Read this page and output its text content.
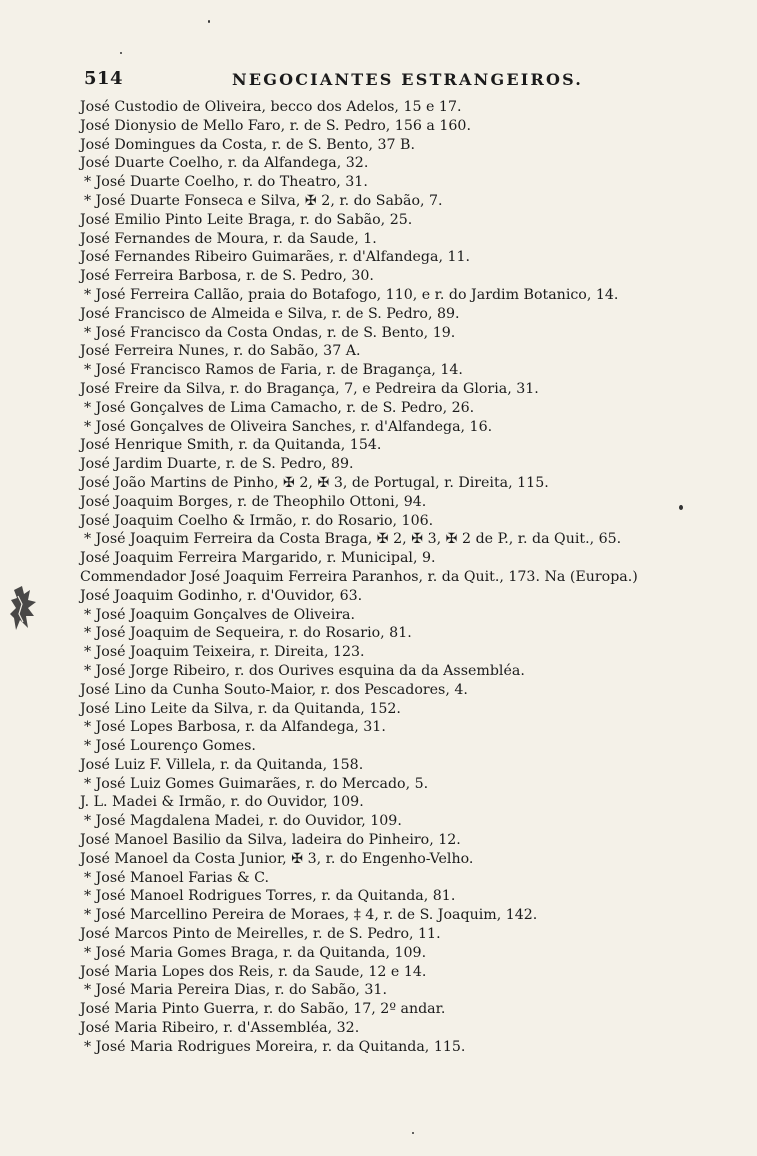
514	NEGOCIANTES ESTRANGEIROS.
José Custodio de Oliveira, becco dos Adelos, 15 e 17.
José Dionysio de Mello Faro, r. de S. Pedro, 156 a 160.
José Domingues da Costa, r. de S. Bento, 37 B.
José Duarte Coelho, r. da Alfandega, 32.
* José Duarte Coelho, r. do Theatro, 31.
* José Duarte Fonseca e Silva, ✠ 2, r. do Sabão, 7.
José Emilio Pinto Leite Braga, r. do Sabão, 25.
José Fernandes de Moura, r. da Saude, 1.
José Fernandes Ribeiro Guimarães, r. d'Alfandega, 11.
José Ferreira Barbosa, r. de S. Pedro, 30.
* José Ferreira Callão, praia do Botafogo, 110, e r. do Jardim Botanico, 14.
José Francisco de Almeida e Silva, r. de S. Pedro, 89.
* José Francisco da Costa Ondas, r. de S. Bento, 19.
José Ferreira Nunes, r. do Sabão, 37 A.
* José Francisco Ramos de Faria, r. de Bragança, 14.
José Freire da Silva, r. do Bragança, 7, e Pedreira da Gloria, 31.
* José Gonçalves de Lima Camacho, r. de S. Pedro, 26.
* José Gonçalves de Oliveira Sanches, r. d'Alfandega, 16.
José Henrique Smith, r. da Quitanda, 154.
José Jardim Duarte, r. de S. Pedro, 89.
José João Martins de Pinho, ✠ 2, ✠ 3, de Portugal, r. Direita, 115.
José Joaquim Borges, r. de Theophilo Ottoni, 94.
José Joaquim Coelho & Irmão, r. do Rosario, 106.
* José Joaquim Ferreira da Costa Braga, ✠ 2, ✠ 3, ✠ 2 de P., r. da Quit., 65.
José Joaquim Ferreira Margarido, r. Municipal, 9.
Commendador José Joaquim Ferreira Paranhos, r. da Quit., 173. Na (Europa.)
José Joaquim Godinho, r. d'Ouvidor, 63.
* José Joaquim Gonçalves de Oliveira.
* José Joaquim de Sequeira, r. do Rosario, 81.
* José Joaquim Teixeira, r. Direita, 123.
* José Jorge Ribeiro, r. dos Ourives esquina da da Assembléa.
José Lino da Cunha Souto-Maior, r. dos Pescadores, 4.
José Lino Leite da Silva, r. da Quitanda, 152.
* José Lopes Barbosa, r. da Alfandega, 31.
* José Lourenço Gomes.
José Luiz F. Villela, r. da Quitanda, 158.
* José Luiz Gomes Guimarães, r. do Mercado, 5.
J. L. Madei & Irmão, r. do Ouvidor, 109.
* José Magdalena Madei, r. do Ouvidor, 109.
José Manoel Basilio da Silva, ladeira do Pinheiro, 12.
José Manoel da Costa Junior, ✠ 3, r. do Engenho-Velho.
* José Manoel Farias & C.
* José Manoel Rodrigues Torres, r. da Quitanda, 81.
* José Marcellino Pereira de Moraes, ‡ 4, r. de S. Joaquim, 142.
José Marcos Pinto de Meirelles, r. de S. Pedro, 11.
* José Maria Gomes Braga, r. da Quitanda, 109.
José Maria Lopes dos Reis, r. da Saude, 12 e 14.
* José Maria Pereira Dias, r. do Sabão, 31.
José Maria Pinto Guerra, r. do Sabão, 17, 2º andar.
José Maria Ribeiro, r. d'Assembléa, 32.
* José Maria Rodrigues Moreira, r. da Quitanda, 115.
